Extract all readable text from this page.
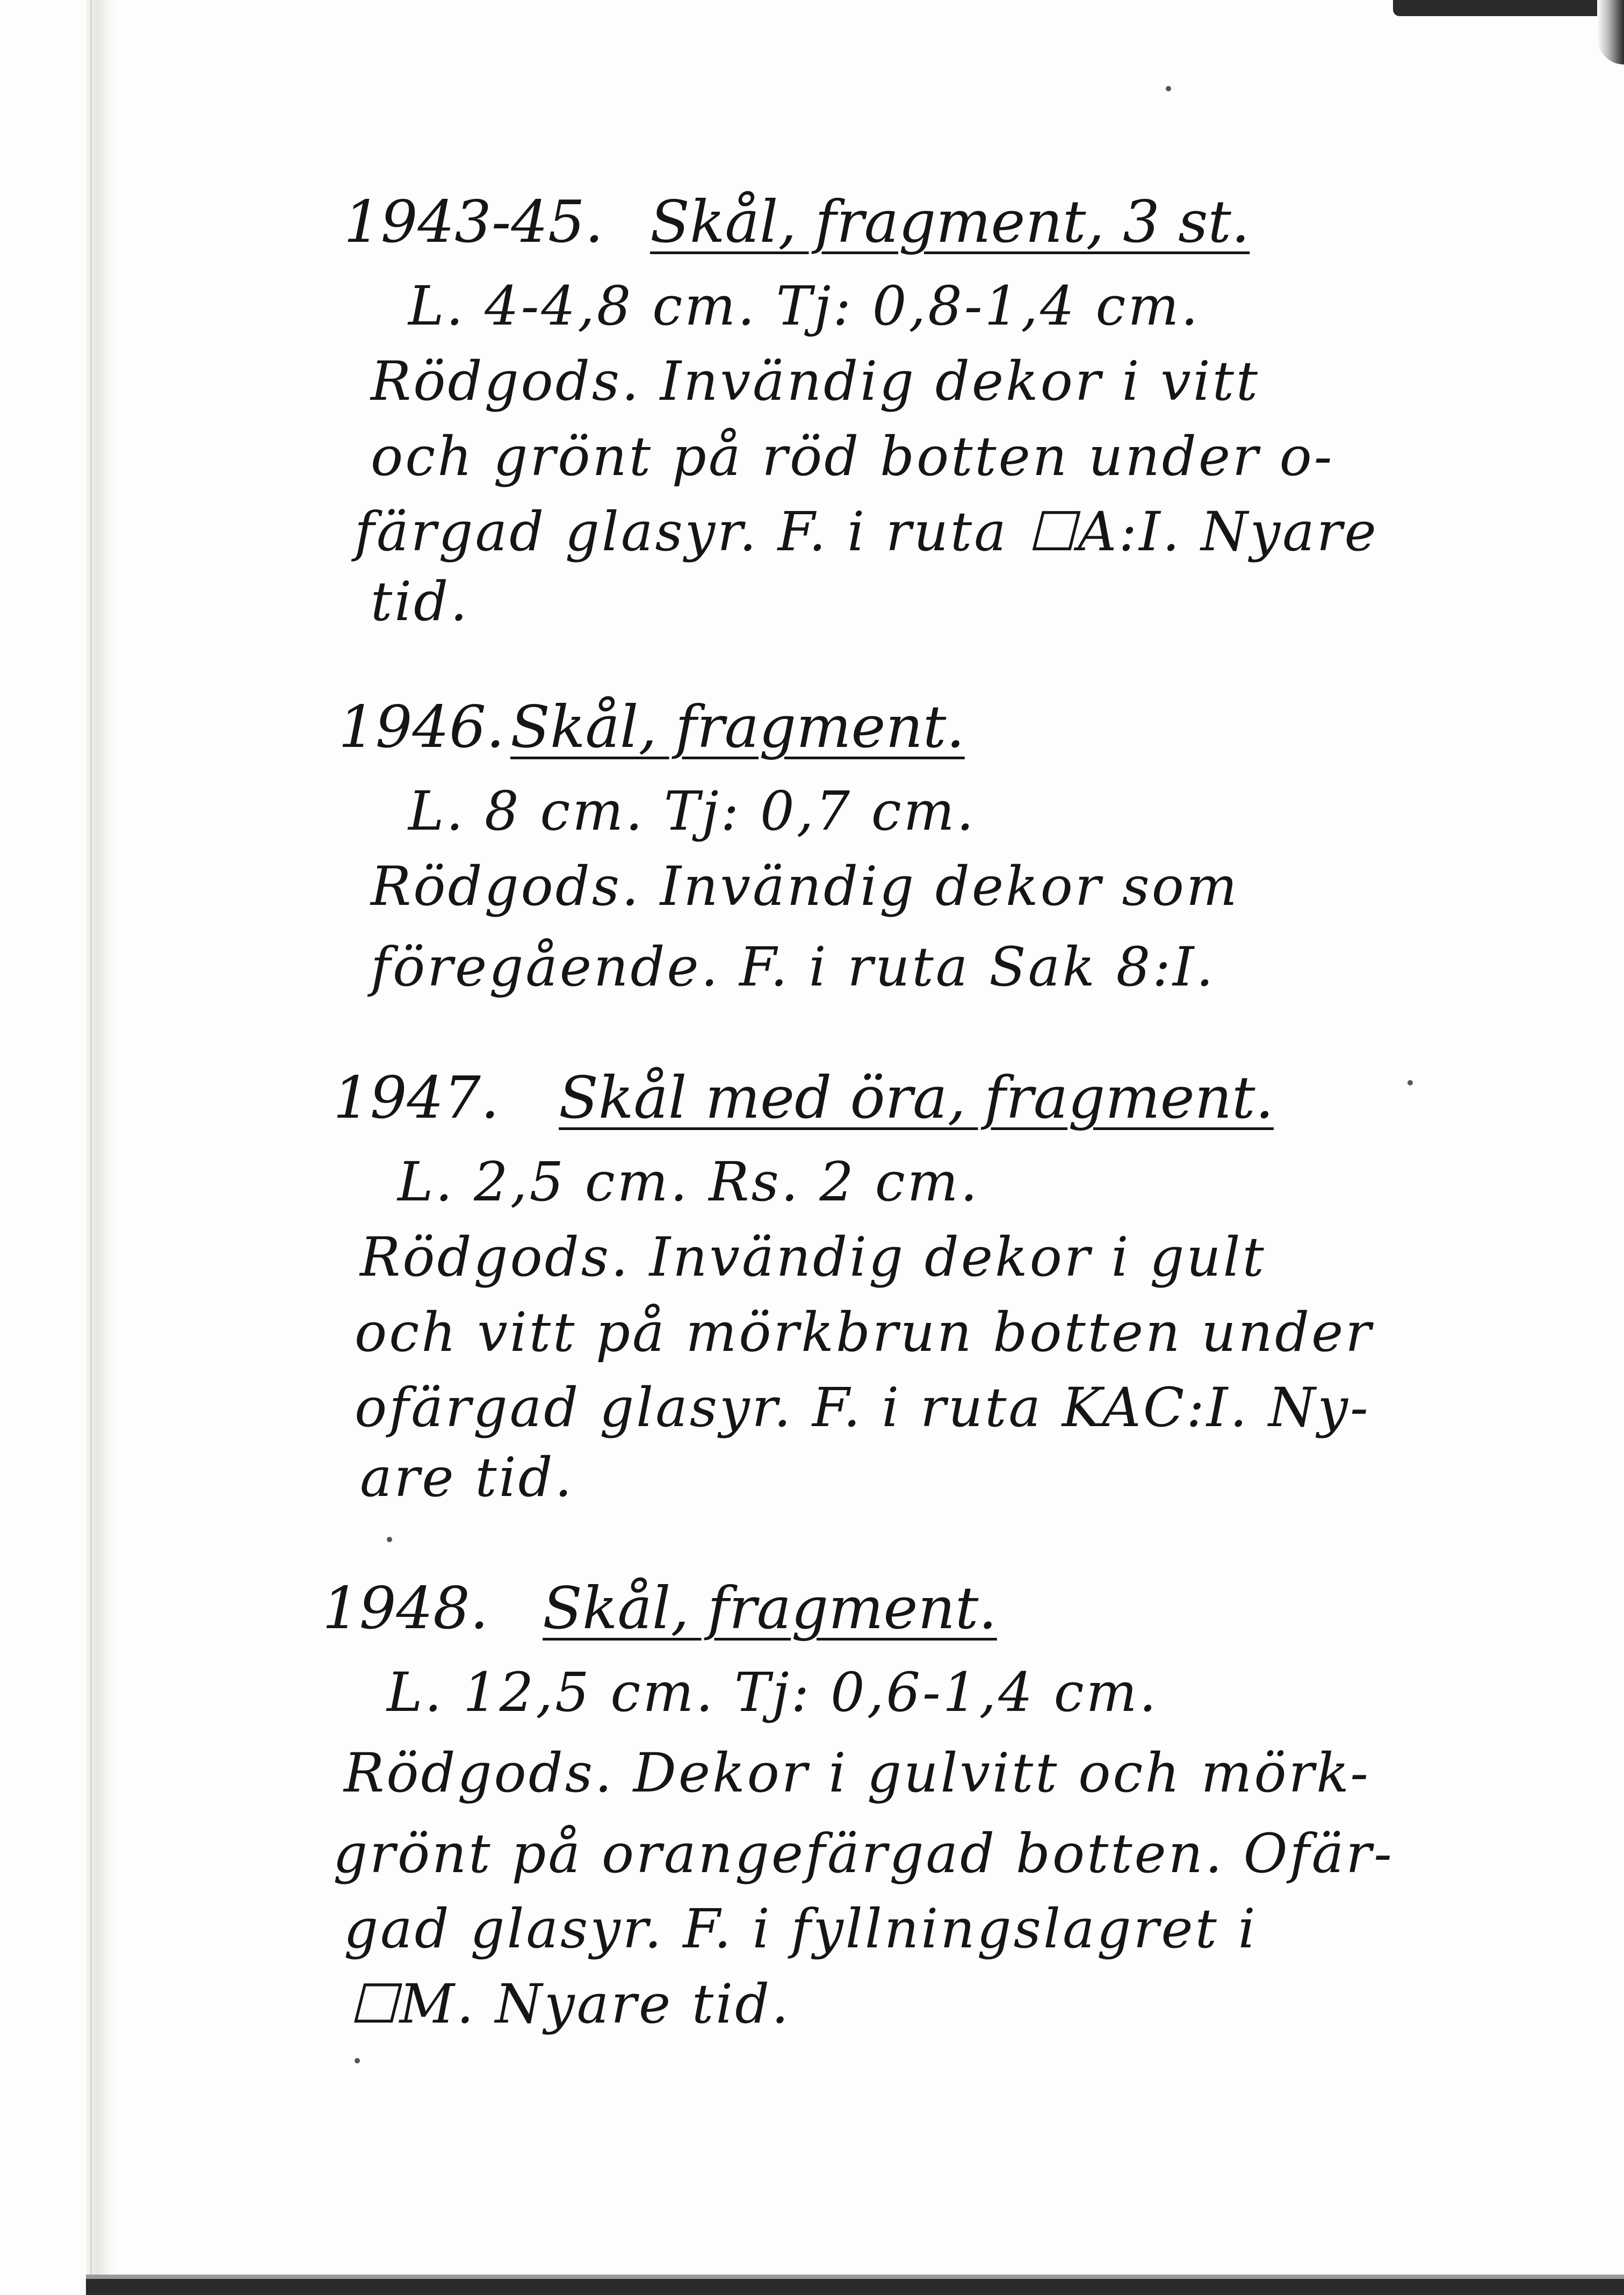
1943-45. Skål, fragment, 3 st.
L. 4-4,8 cm. Tj: 0,8-1,4 cm.
Rödgods. Invändig dekor i vitt
och grönt på röd botten under o-
färgad glasyr. F. i ruta ☐A:I. Nyare
tid.
1946. Skål, fragment.
L. 8 cm. Tj: 0,7 cm.
Rödgods. Invändig dekor som
föregående. F. i ruta Sak 8:I.
1947. Skål med öra, fragment.
L. 2,5 cm. Rs. 2 cm.
Rödgods. Invändig dekor i gult
och vitt på mörkbrun botten under
ofärgad glasyr. F. i ruta KAC:I. Ny-
are tid.
1948. Skål, fragment.
L. 12,5 cm. Tj: 0,6-1,4 cm.
Rödgods. Dekor i gulvitt och mörk-
grönt på orangefärgad botten. Ofär-
gad glasyr. F. i fyllningslagret i
☐M. Nyare tid.
